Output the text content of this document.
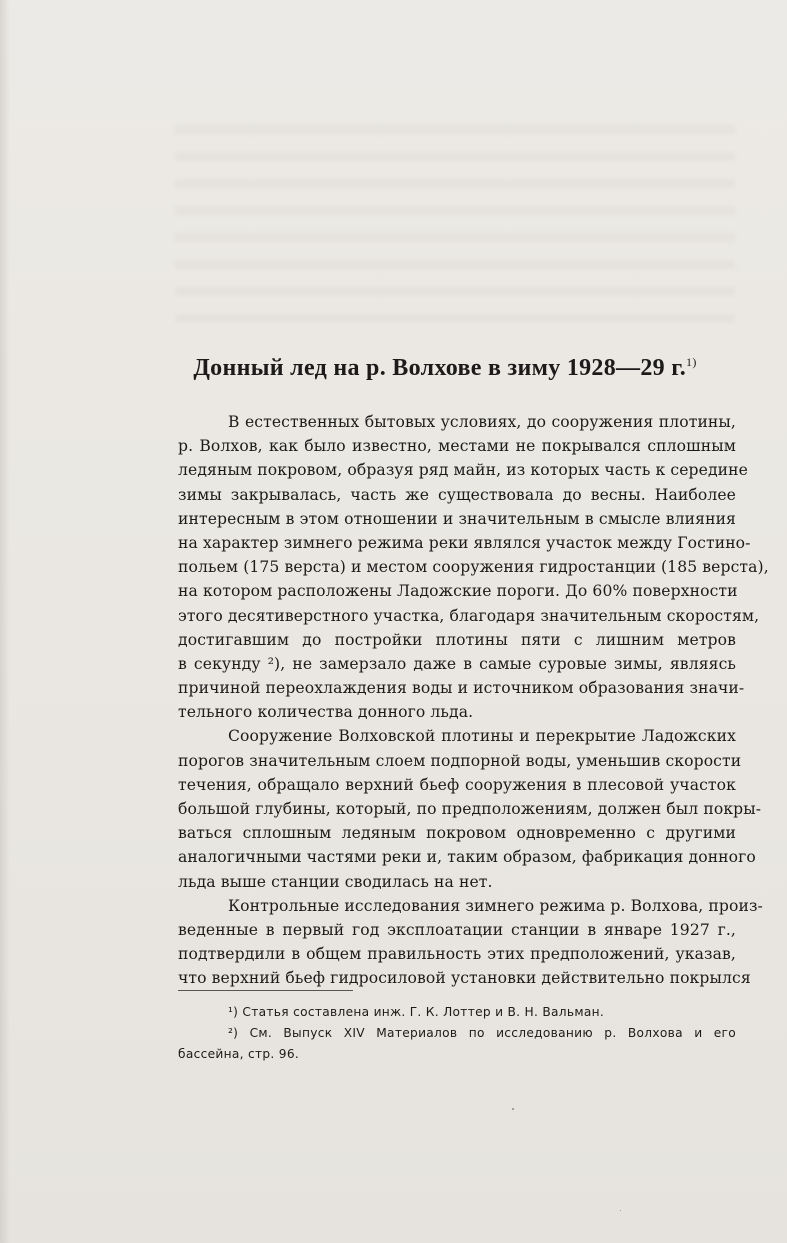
Донный лед на р. Волхове в зиму 1928—29 г.$^{1)}$
В естественных бытовых условиях, до сооружения плотины,
р. Волхов, как было известно, местами не покрывался сплошным
ледяным покровом, образуя ряд майн, из которых часть к середине
зимы закрывалась, часть же существовала до весны. Наиболее
интересным в этом отношении и значительным в смысле влияния
на характер зимнего режима реки являлся участок между Гостино-
польем (175 верста) и местом сооружения гидростанции (185 верста),
на котором расположены Ладожские пороги. До 60% поверхности
этого десятиверстного участка, благодаря значительным скоростям,
достигавшим до постройки плотины пяти с лишним метров
в секунду ²), не замерзало даже в самые суровые зимы, являясь
причиной переохлаждения воды и источником образования значи-
тельного количества донного льда.
Сооружение Волховской плотины и перекрытие Ладожских
порогов значительным слоем подпорной воды, уменьшив скорости
течения, обращало верхний бьеф сооружения в плесовой участок
большой глубины, который, по предположениям, должен был покры-
ваться сплошным ледяным покровом одновременно с другими
аналогичными частями реки и, таким образом, фабрикация донного
льда выше станции сводилась на нет.
Контрольные исследования зимнего режима р. Волхова, произ-
веденные в первый год эксплоатации станции в январе 1927 г.,
подтвердили в общем правильность этих предположений, указав,
что верхний бьеф гидросиловой установки действительно покрылся
¹) Статья составлена инж. Г. К. Лоттер и В. Н. Вальман.
²) См. Выпуск XIV Материалов по исследованию р. Волхова и его
бассейна, стр. 96.
